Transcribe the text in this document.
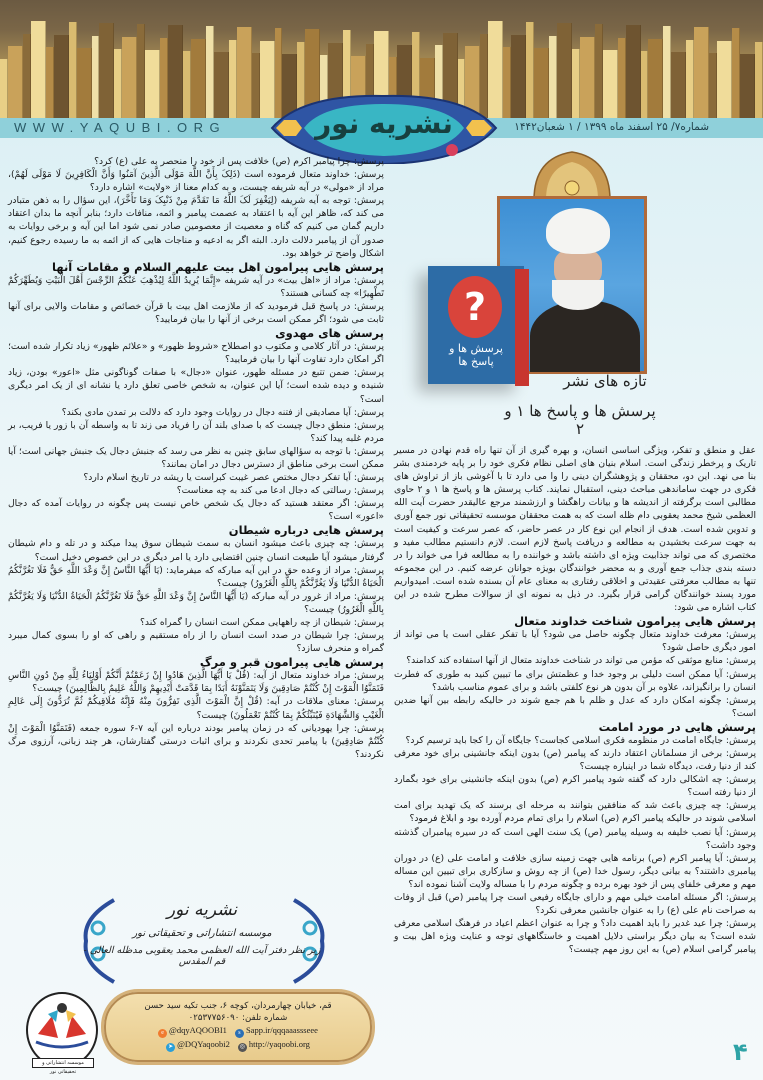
WWW.YAQUBI.ORG	شماره۷/ ۲۵ اسفند ماه ۱۳۹۹ / ۱ شعبان۱۴۴۲
نشریه نور

پرسش: چرا پیامبر اکرم (ص) خلافت پس از خود را منحصر به علی (ع) کرد؟

پرسش: خداوند متعال فرموده است (ذَلِکَ بِأَنَّ اللَّهَ مَوْلَى الَّذِینَ آمَنُوا وَأَنَّ الْکَافِرِینَ لَا مَوْلَى لَهُمْ)، مراد از «مولی» در آیه شریفه چیست، و به کدام معنا از «ولایت» اشاره دارد؟

پرسش: توجه به آیه شریفه (لِیَغْفِرَ لَکَ اللَّهُ مَا تَقَدَّمَ مِنْ ذَنْبِکَ وَمَا تَأَخَّرَ)، این سؤال را به ذهن متبادر می کند که، ظاهر این آیه با اعتقاد به عصمت پیامبر و ائمه، منافات دارد؛ بنابر آنچه ما بدان اعتقاد داریم گمان می کنیم که گناه و معصیت از معصومین صادر نمی شود اما این آیه و برخی روایات به صدور آن از پیامبر دلالت دارد. البته اگر به ادعیه و مناجات هایی که از ائمه به ما رسیده رجوع کنیم، اشکال واضح تر خواهد بود.

پرسش هایی پیرامون اهل بیت علیهم السلام و مقامات آنها

پرسش: مراد از «اهل بیت» در آیه شریفه «إِنَّمَا یُرِیدُ اللَّهُ لِیُذْهِبَ عَنْکُمُ الرِّجْسَ أَهْلَ الْبَیْتِ وَیُطَهِّرَکُمْ تَطْهِیرًا» چه کسانی هستند؟

پرسش: در پاسخ قبل فرمودید که از ملازمت اهل بیت با قرآن خصائص و مقامات والایی برای آنها ثابت می شود؛ اگر ممکن است برخی از آنها را بیان فرمایید؟

پرسش های مهدوی

پرسش: در آثار کلامی و مکتوب دو اصطلاح «شروط ظهور» و «علائم ظهور» زیاد تکرار شده است؛ اگر امکان دارد تفاوت آنها را بیان فرمایید؟

پرسش: ضمن تتبع در مسئله ظهور، عنوان «دجال» با صفات گوناگونی مثل «اعور» بودن، زیاد شنیده و دیده شده است؛ آیا این عنوان، به شخص خاصی تعلق دارد یا نشانه ای از یک امر دیگری است؟

پرسش: آیا مصادیقی از فتنه دجال در روایات وجود دارد که دلالت بر تمدن مادی بکند؟

پرسش: منطق دجال چیست که با صدای بلند آن را فریاد می زند تا به واسطه آن با زور یا فریب، بر مردم غلبه پیدا کند؟

پرسش: با توجه به سؤالهای سابق چنین به نظر می رسد که جنبش دجال یک جنبش جهانی است؛ آیا ممکن است برخی مناطق از دسترس دجال در امان بمانند؟

پرسش: آیا تفکر دجال مختص عصر غیبت کبراست یا ریشه در تاریخ اسلام دارد؟

پرسش: رسالتی که دجال ادعا می کند به چه معناست؟

پرسش: اگر معتقد هستید که دجال یک شخص خاص نیست پس چگونه در روایات آمده که دجال «اعور» است؟

پرسش هایی درباره شیطان

پرسش: چه چیزی باعث میشود انسان به سمت شیطان سوق پیدا میکند و در تله و دام شیطان گرفتار میشود آیا طبیعت انسان چنین اقتضایی دارد یا امر دیگری در این خصوص دخیل است؟

پرسش: مراد از وعده حق در این آیه مبارکه که میفرماید: (یَا أَیُّهَا النَّاسُ إِنَّ وَعْدَ اللَّهِ حَقٌّ فَلَا تَغُرَّنَّکُمُ الْحَیَاةُ الدُّنْیَا وَلَا یَغُرَّنَّکُمْ بِاللَّهِ الْغَرُورُ) چیست؟

پرسش: مراد از غرور در آیه مبارکه (یَا أَیُّهَا النَّاسُ إِنَّ وَعْدَ اللَّهِ حَقٌّ فَلَا تَغُرَّنَّکُمُ الْحَیَاةُ الدُّنْیَا وَلَا یَغُرَّنَّکُمْ بِاللَّهِ الْغَرُورُ) چیست؟

پرسش: شیطان از چه راههایی ممکن است انسان را گمراه کند؟

پرسش: چرا شیطان در صدد است انسان را از راه مستقیم و راهی که او را بسوی کمال میبرد گمراه و منحرف سازد؟

پرسش هایی پیرامون قبر و مرگ

پرسش: مراد خداوند متعال از آیه: (قُلْ یَا أَیُّهَا الَّذِینَ هَادُوا إِنْ زَعَمْتُمْ أَنَّکُمْ أَوْلِیَاءُ لِلَّهِ مِنْ دُونِ النَّاسِ فَتَمَنَّوُا الْمَوْتَ إِنْ کُنْتُمْ صَادِقِینَ وَلَا یَتَمَنَّوْنَهُ أَبَدًا بِمَا قَدَّمَتْ أَیْدِیهِمْ وَاللَّهُ عَلِیمٌ بِالظَّالِمِینَ) چیست؟

پرسش: معنای ملاقات در آیه: (قُلْ إِنَّ الْمَوْتَ الَّذِی تَفِرُّونَ مِنْهُ فَإِنَّهُ مُلَاقِیکُمْ ثُمَّ تُرَدُّونَ إِلَى عَالِمِ الْغَیْبِ وَالشَّهَادَةِ فَیُنَبِّئُکُمْ بِمَا کُنْتُمْ تَعْمَلُونَ) چیست؟

پرسش: چرا یهودیانی که در زمان پیامبر بودند درباره این آیه ۷-۶ سوره جمعه (فَتَمَنَّوُا الْمَوْتَ إِنْ کُنْتُمْ صَادِقِینَ) با پیامبر تحدی نکردند و برای اثبات درستی گفتارشان، هر چند زبانی، آرزوی مرگ نکردند؟

?
پرسش ها و پاسخ ها
تازه های نشر
پرسش ها و پاسخ ها ۱ و ۲

عقل و منطق و تفکر، ویژگی اساسی انسان، و بهره گیری از آن تنها راه قدم نهادن در مسیر تاریک و پرخطر زندگی است. اسلام بنیان های اصلی نظام فکری خود را بر پایه خردمندی بشر بنا می نهد. این دو، محققان و پژوهشگران دینی را وا می دارد تا با آغوشی باز از تراوش های فکری در جهت ساماندهی مباحث دینی، استقبال نمایند. کتاب پرسش ها و پاسخ ها ۱ و ۲ حاوی مطالبی است برگرفته از اندیشه ها و بیانات راهگشا و ارزشمند مرجع عالیقدر حضرت آیت الله العظمی شیخ محمد یعقوبی دام ظله است که به همت محققان موسسه تحقیقاتی نور جمع آوری و تدوین شده است. هدف از انجام این نوع کار در عصر حاضر، که عصر سرعت و کیفیت است به جهت سرعت بخشیدن به مطالعه و دریافت پاسخ لازم است. لازم دانستیم مطالب مفید و مختصری که می تواند جذابیت ویژه ای داشته باشد و خواننده را به مطالعه فرا می خواند را در دسته بندی جذاب جمع آوری و به محضر خوانندگان بویژه جوانان عرضه کنیم. در این مجموعه تنها به مطالب معرفتی عقیدتی و اخلاقی رفتاری به معنای عام آن بسنده شده است. امیدواریم مورد پسند خوانندگان گرامی قرار بگیرد. در ذیل به نمونه ای از سوالات مطرح شده در این کتاب اشاره می شود:

پرسش هایی پیرامون شناخت خداوند متعال

پرسش: معرفت خداوند متعال چگونه حاصل می شود؟ آیا با تفکر عقلی است یا می تواند از امور دیگری حاصل شود؟

پرسش: منابع موثقی که مؤمن می تواند در شناخت خداوند متعال از آنها استفاده کند کدامند؟

پرسش: آیا ممکن است دلیلی بر وجود خدا و عظمتش برای ما تبیین کنید به طوری که فطرت انسان را برانگیزاند، علاوه بر آن بدون هر نوع کلفتی باشد و برای عموم مناسب باشد؟

پرسش: چگونه امکان دارد که عدل و ظلم با هم جمع شوند در حالیکه رابطه بین آنها ضدین است؟

پرسش هایی در مورد امامت

پرسش: جایگاه امامت در منظومه فکری اسلامی کجاست؟ جایگاه آن را کجا باید ترسیم کرد؟

پرسش: برخی از مسلمانان اعتقاد دارند که پیامبر (ص) بدون اینکه جانشینی برای خود معرفی کند از دنیا رفت، دیدگاه شما در اینباره چیست؟

پرسش: چه اشکالی دارد که گفته شود پیامبر اکرم (ص) بدون اینکه جانشینی برای خود بگمارد از دنیا رفته است؟

پرسش: چه چیزی باعث شد که منافقین بتوانند به مرحله ای برسند که یک تهدید برای امت اسلامی شوند در حالیکه پیامبر اکرم (ص) اسلام را برای تمام مردم آورده بود و ابلاغ فرمود؟

پرسش: آیا نصب خلیفه به وسیله پیامبر (ص) یک سنت الهی است که در سیره پیامبران گذشته وجود داشت؟

پرسش: آیا پیامبر اکرم (ص) برنامه هایی جهت زمینه سازی خلافت و امامت علی (ع) در دوران پیامبری داشتند؟ به بیانی دیگر، رسول خدا (ص) از چه روش و سازکاری برای تبیین این مساله مهم و معرفی خلفای پس از خود بهره برده و چگونه مردم را با مساله ولایت آشنا نموده اند؟

پرسش: اگر مسئله امامت خیلی مهم و دارای جایگاه رفیعی است چرا پیامبر (ص) قبل از وفات به صراحت نام علی (ع) را به عنوان جانشین معرفی نکرد؟

پرسش: چرا عید غدیر را باید اهمیت داد؟ و چرا به عنوان اعظم اعیاد در فرهنگ اسلامی معرفی شده است؟ به بیان دیگر براستی دلایل اهمیت و خاستگاههای توجه و عنایت ویژه اهل بیت و پیامبر گرامی اسلام (ص) به این روز مهم چیست؟

نشریه نور
موسسه انتشاراتی و تحقیقاتی نور
زیر نظر دفتر آیت الله العظمی محمد یعقوبی مدظله العالی - قم المقدس
موسسه انتشاراتی و تحقیقاتی نور
قم، خیابان چهارمردان، کوچه ۶، جنب تکیه سید حسن
شماره تلفن: ۰۲۵۳۷۷۵۶۰۹۰
e @dqyAQOOBI1	s Sapp.ir/qqqaaassseee
➤ @DQYaqoobi2	◎ http://yaqoobi.org	۴
